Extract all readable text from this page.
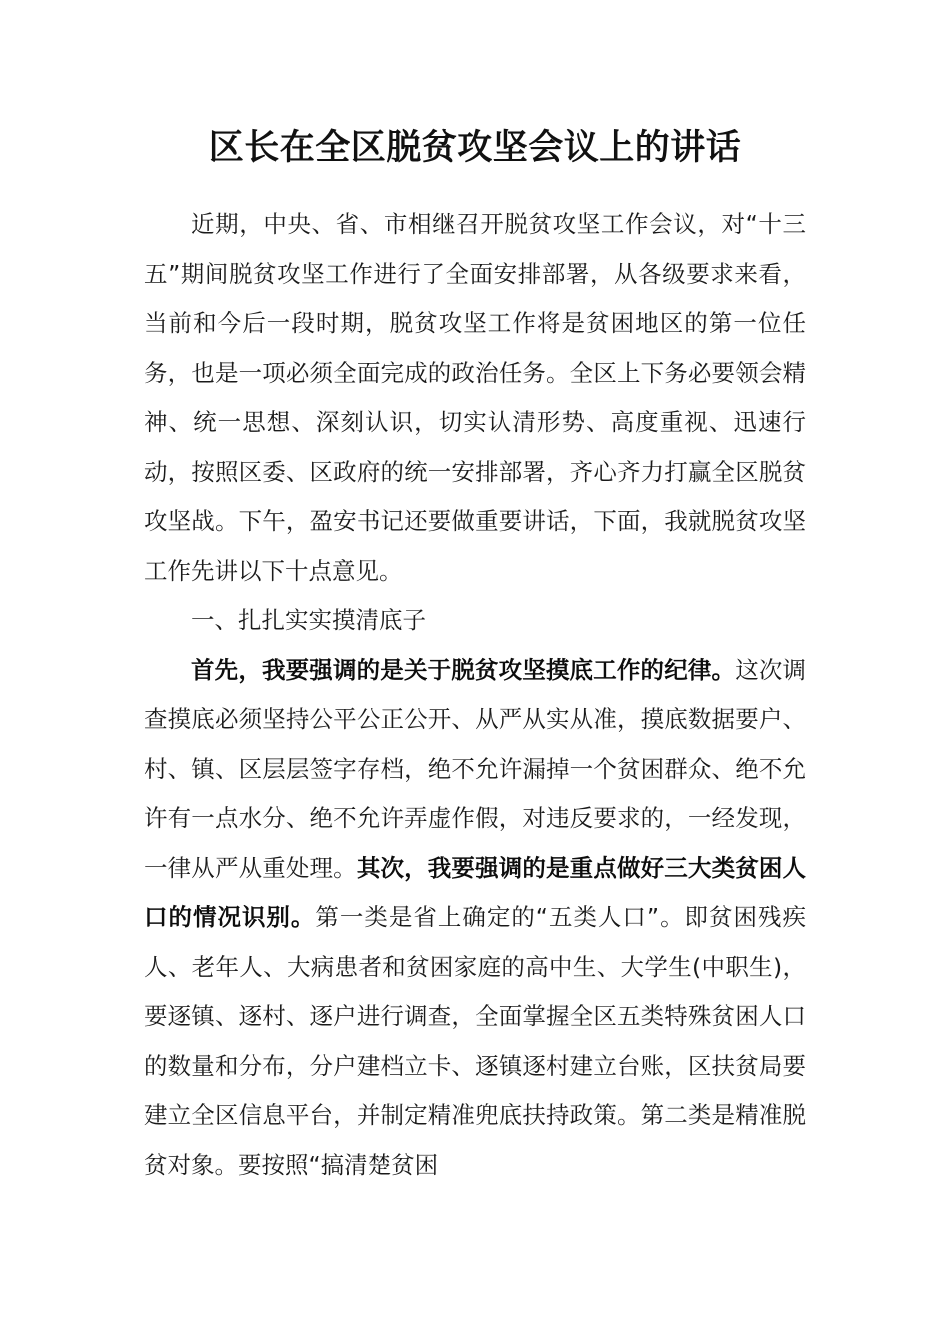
区长在全区脱贫攻坚会议上的讲话

近期，中央、省、市相继召开脱贫攻坚工作会议，对“十三五”期间脱贫攻坚工作进行了全面安排部署，从各级要求来看，当前和今后一段时期，脱贫攻坚工作将是贫困地区的第一位任务，也是一项必须全面完成的政治任务。全区上下务必要领会精神、统一思想、深刻认识，切实认清形势、高度重视、迅速行动，按照区委、区政府的统一安排部署，齐心齐力打赢全区脱贫攻坚战。下午，盈安书记还要做重要讲话，下面，我就脱贫攻坚工作先讲以下十点意见。

一、扎扎实实摸清底子

首先，我要强调的是关于脱贫攻坚摸底工作的纪律。这次调查摸底必须坚持公平公正公开、从严从实从准，摸底数据要户、村、镇、区层层签字存档，绝不允许漏掉一个贫困群众、绝不允许有一点水分、绝不允许弄虚作假，对违反要求的，一经发现，一律从严从重处理。其次，我要强调的是重点做好三大类贫困人口的情况识别。第一类是省上确定的“五类人口”。即贫困残疾人、老年人、大病患者和贫困家庭的高中生、大学生(中职生)，要逐镇、逐村、逐户进行调查，全面掌握全区五类特殊贫困人口的数量和分布，分户建档立卡、逐镇逐村建立台账，区扶贫局要建立全区信息平台，并制定精准兜底扶持政策。第二类是精准脱贫对象。要按照“搞清楚贫困
